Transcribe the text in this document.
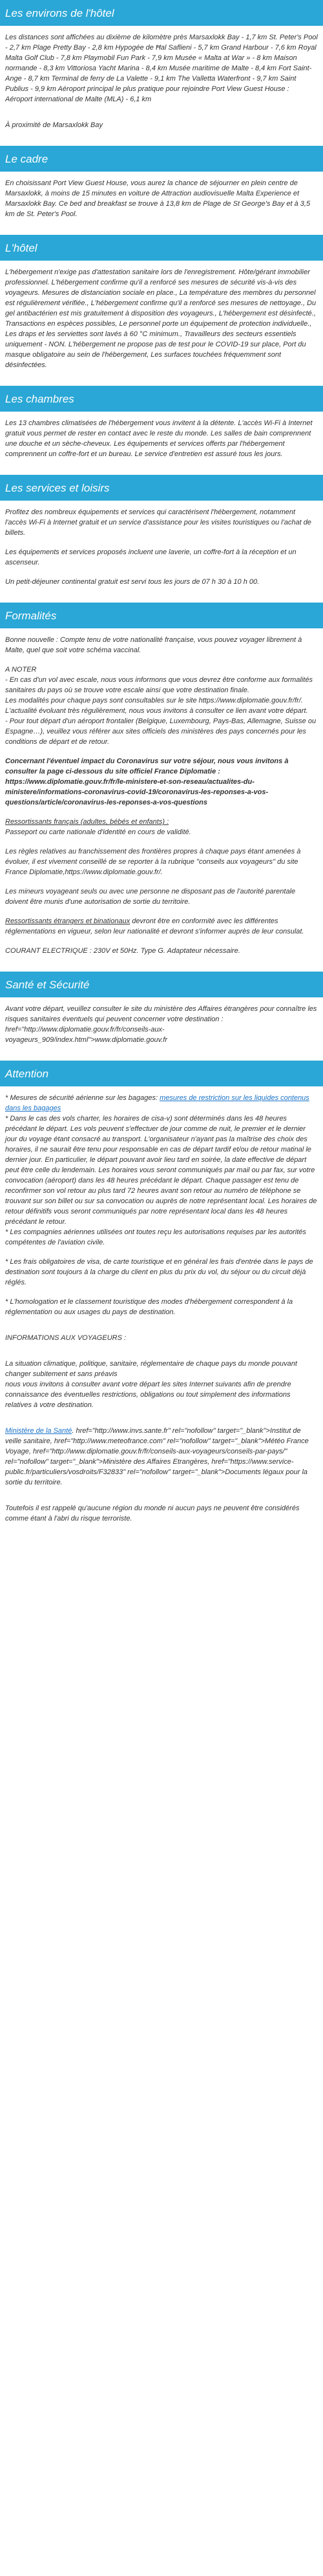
Les environs de l'hôtel

Les distances sont affichées au dixième de kilomètre près Marsaxlokk Bay - 1,7 km St. Peter's Pool - 2,7 km Plage Pretty Bay - 2,8 km Hypogée de Ħal Saflieni - 5,7 km Grand Harbour - 7,6 km Royal Malta Golf Club - 7,8 km Playmobil Fun Park - 7,9 km Musée « Malta at War » - 8 km Maison normande - 8,3 km Vittoriosa Yacht Marina - 8,4 km Musée maritime de Malte - 8,4 km Fort Saint-Ange - 8,7 km Terminal de ferry de La Valette - 9,1 km The Valletta Waterfront - 9,7 km Saint Publius - 9,9 km Aéroport principal le plus pratique pour rejoindre Port View Guest House : Aéroport international de Malte (MLA) - 6,1 km

À proximité de Marsaxlokk Bay

Le cadre

En choisissant Port View Guest House, vous aurez la chance de séjourner en plein centre de Marsaxlokk, à moins de 15 minutes en voiture de Attraction audiovisuelle Malta Experience et Marsaxlokk Bay. Ce bed and breakfast se trouve à 13,8 km de Plage de St George's Bay et à 3,5 km de St. Peter's Pool.

L'hôtel

L'hébergement n'exige pas d'attestation sanitaire lors de l'enregistrement. Hôte/gérant immobilier professionnel. L'hébergement confirme qu'il a renforcé ses mesures de sécurité vis-à-vis des voyageurs. Mesures de distanciation sociale en place., La température des membres du personnel est régulièrement vérifiée., L'hébergement confirme qu'il a renforcé ses mesures de nettoyage., Du gel antibactérien est mis gratuitement à disposition des voyageurs., L'hébergement est désinfecté., Transactions en espèces possibles, Le personnel porte un équipement de protection individuelle., Les draps et les serviettes sont lavés à 60 °C minimum., Travailleurs des secteurs essentiels uniquement - NON. L'hébergement ne propose pas de test pour le COVID-19 sur place, Port du masque obligatoire au sein de l'hébergement, Les surfaces touchées fréquemment sont désinfectées.

Les chambres

Les 13 chambres climatisées de l'hébergement vous invitent à la détente. L'accès Wi-Fi à Internet gratuit vous permet de rester en contact avec le reste du monde. Les salles de bain comprennent une douche et un sèche-cheveux. Les équipements et services offerts par l'hébergement comprennent un coffre-fort et un bureau. Le service d'entretien est assuré tous les jours.

Les services et loisirs

Profitez des nombreux équipements et services qui caractérisent l'hébergement, notamment l'accès Wi-Fi à Internet gratuit et un service d'assistance pour les visites touristiques ou l'achat de billets.

Les équipements et services proposés incluent une laverie, un coffre-fort à la réception et un ascenseur.

Un petit-déjeuner continental gratuit est servi tous les jours de 07 h 30 à 10 h 00.

Formalités

Bonne nouvelle : Compte tenu de votre nationalité française, vous pouvez voyager librement à Malte, quel que soit votre schéma vaccinal.

A NOTER
- En cas d'un vol avec escale, nous vous informons que vous devrez être conforme aux formalités sanitaires du pays où se trouve votre escale ainsi que votre destination finale.
Les modalités pour chaque pays sont consultables sur le site https://www.diplomatie.gouv.fr/fr/. L'actualité évoluant très régulièrement, nous vous invitons à consulter ce lien avant votre départ.
- Pour tout départ d'un aéroport frontalier (Belgique, Luxembourg, Pays-Bas, Allemagne, Suisse ou Espagne…), veuillez vous référer aux sites officiels des ministères des pays concernés pour les conditions de départ et de retour.

Concernant l'éventuel impact du Coronavirus sur votre séjour, nous vous invitons à consulter la page ci-dessous du site officiel France Diplomatie : https://www.diplomatie.gouv.fr/fr/le-ministere-et-son-reseau/actualites-du-ministere/informations-coronavirus-covid-19/coronavirus-les-reponses-a-vos-questions/article/coronavirus-les-reponses-a-vos-questions

Ressortissants français (adultes, bébés et enfants) :

Passeport ou carte nationale d'identité en cours de validité.

Les règles relatives au franchissement des frontières propres à chaque pays étant amenées à évoluer, il est vivement conseillé de se reporter à la rubrique "conseils aux voyageurs" du site France Diplomatie,https://www.diplomatie.gouv.fr/.

Les mineurs voyageant seuls ou avec une personne ne disposant pas de l'autorité parentale doivent être munis d'une autorisation de sortie du territoire.

Ressortissants étrangers et binationaux devront être en conformité avec les différentes réglementations en vigueur, selon leur nationalité et devront s'informer auprès de leur consulat.

COURANT ELECTRIQUE : 230V et 50Hz. Type G. Adaptateur nécessaire.

Santé et Sécurité

Avant votre départ, veuillez consulter le site du ministère des Affaires étrangères pour connaître les risques sanitaires éventuels qui peuvent concerner votre destination : href="http://www.diplomatie.gouv.fr/fr/conseils-aux-voyageurs_909/index.html">www.diplomatie.gouv.fr

Attention

* Mesures de sécurité aérienne sur les bagages: mesures de restriction sur les liquides contenus dans les bagages

* Dans le cas des vols charter, les horaires de cisa-v) sont déterminés dans les 48 heures précédant le départ. Les vols peuvent s'effectuer de jour comme de nuit, le premier et le dernier jour du voyage étant consacré au transport. L'organisateur n'ayant pas la maîtrise des choix des horaires, il ne saurait être tenu pour responsable en cas de départ tardif et/ou de retour matinal le dernier jour. En particulier, le départ pouvant avoir lieu tard en soirée, la date effective de départ peut être celle du lendemain. Les horaires vous seront communiqués par mail ou par fax, sur votre convocation (aéroport) dans les 48 heures précédant le départ. Chaque passager est tenu de reconfirmer son vol retour au plus tard 72 heures avant son retour au numéro de téléphone se trouvant sur son billet ou sur sa convocation ou auprès de notre représentant local. Les horaires de retour définitifs vous seront communiqués par notre représentant local dans les 48 heures précédant le retour.
* Les compagnies aériennes utilisées ont toutes reçu les autorisations requises par les autorités compétentes de l'aviation civile.

* Les frais obligatoires de visa, de carte touristique et en général les frais d'entrée dans le pays de destination sont toujours à la charge du client en plus du prix du vol, du séjour ou du circuit déjà réglés.

* L'homologation et le classement touristique des modes d'hébergement correspondent à la réglementation ou aux usages du pays de destination.

INFORMATIONS AUX VOYAGEURS :

La situation climatique, politique, sanitaire, réglementaire de chaque pays du monde pouvant changer subitement et sans préavis
nous vous invitons à consulter avant votre départ les sites Internet suivants afin de prendre connaissance des éventuelles restrictions, obligations ou tout simplement des informations relatives à votre destination.

Ministère de la Santé. href="http://www.invs.sante.fr" rel="nofollow" target="_blank">Institut de veille sanitaire, href="http://www.meteofrance.com" rel="nofollow" target="_blank">Météo France Voyage, href="http://www.diplomatie.gouv.fr/fr/conseils-aux-voyageurs/conseils-par-pays/" rel="nofollow" target="_blank">Ministère des Affaires Etrangères, href="https://www.service-public.fr/particuliers/vosdroits/F32833" rel="nofollow" target="_blank">Documents légaux pour la sortie du territoire.

Toutefois il est rappelé qu'aucune région du monde ni aucun pays ne peuvent être considérés comme étant à l'abri du risque terroriste.
